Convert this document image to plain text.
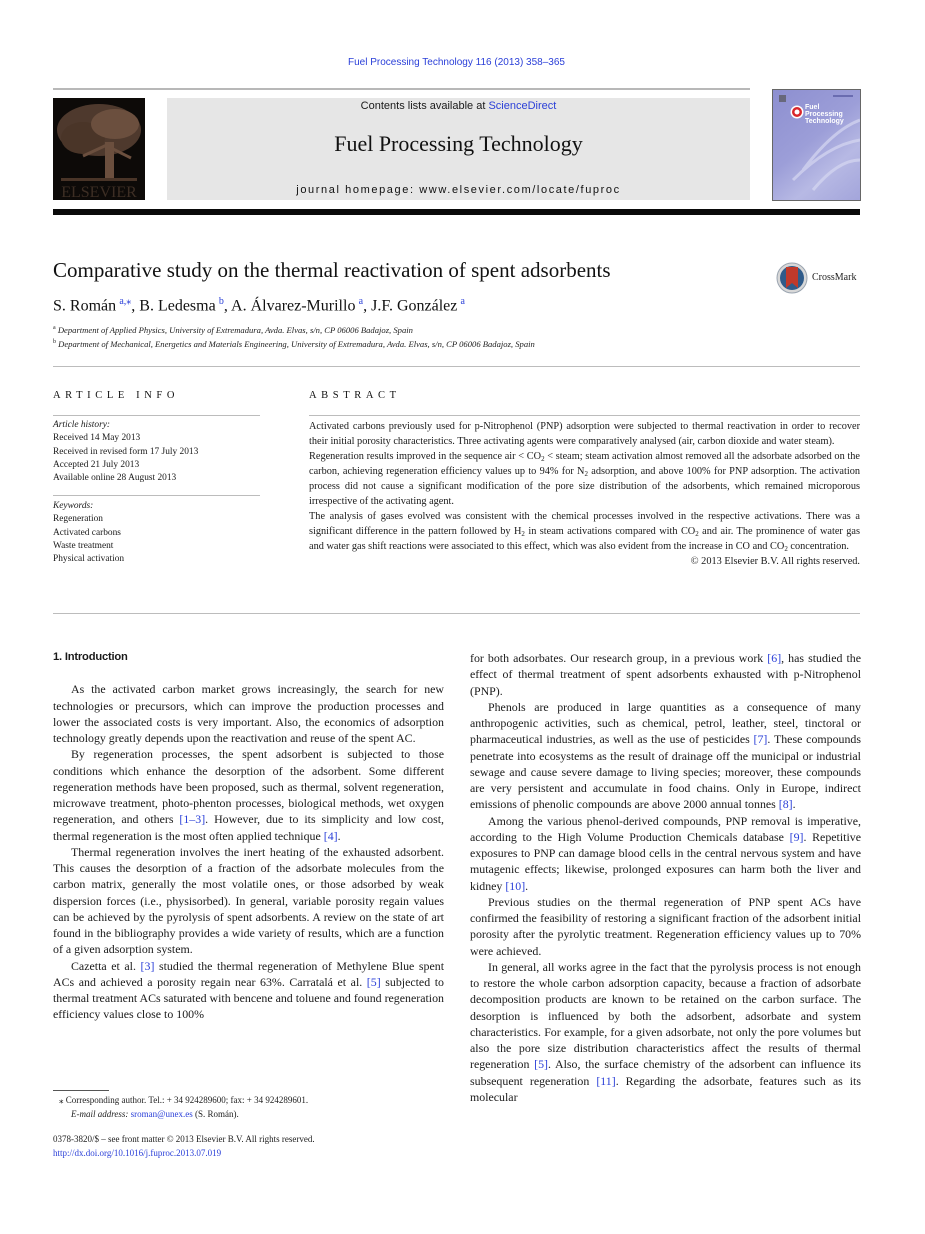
Fuel Processing Technology 116 (2013) 358–365
ELSEVIER
Contents lists available at ScienceDirect
Fuel Processing Technology
journal homepage: www.elsevier.com/locate/fuproc
Fuel
Processing
Technology
Comparative study on the thermal reactivation of spent adsorbents	CrossMark
S. Román  $^{a,⁎}$, B. Ledesma  $^b$, A. Álvarez-Murillo  $^a$, J.F. González  $^a$
$^a$ Department of Applied Physics, University of Extremadura, Avda. Elvas, s/n, CP 06006 Badajoz, Spain
$^b$ Department of Mechanical, Energetics and Materials Engineering, University of Extremadura, Avda. Elvas, s/n, CP 06006 Badajoz, Spain
ARTICLE INFO
Article history:
Received 14 May 2013
Received in revised form 17 July 2013
Accepted 21 July 2013
Available online 28 August 2013
Keywords:
Regeneration
Activated carbons
Waste treatment
Physical activation
ABSTRACT

Activated carbons previously used for p-Nitrophenol (PNP) adsorption were subjected to thermal reactivation in order to recover their initial porosity characteristics. Three activating agents were comparatively analysed (air, carbon dioxide and water steam).

Regeneration results improved in the sequence air < $CO_2$ < steam; steam activation almost removed all the adsorbate adsorbed on the carbon, achieving regeneration efficiency values up to 94% for $N_2$ adsorption, and above 100% for PNP adsorption. The activation process did not cause a significant modification of the pore size distribution of the adsorbents, which remained microporous irrespective of the activating agent.

The analysis of gases evolved was consistent with the chemical processes involved in the respective activations. There was a significant difference in the pattern followed by $H_2$ in steam activations compared with $CO_2$ and air. The prominence of water gas and water gas shift reactions were associated to this effect, which was also evident from the increase in CO and $CO_2$ concentration.

© 2013 Elsevier B.V. All rights reserved.

1. Introduction

As the activated carbon market grows increasingly, the search for new technologies or precursors, which can improve the production processes and lower the associated costs is very important. Also, the economics of adsorption technology greatly depends upon the reactivation and reuse of the spent AC.

By regeneration processes, the spent adsorbent is subjected to those conditions which enhance the desorption of the adsorbent. Some different regeneration methods have been proposed, such as thermal, solvent regeneration, microwave treatment, photo-phenton processes, biological methods, wet oxygen regeneration, and others [1–3]. However, due to its simplicity and low cost, thermal regeneration is the most often applied technique [4].

Thermal regeneration involves the inert heating of the exhausted adsorbent. This causes the desorption of a fraction of the adsorbate molecules from the carbon matrix, generally the most volatile ones, or those adsorbed by weak dispersion forces (i.e., physisorbed). In general, variable porosity regain values can be achieved by the pyrolysis of spent adsorbents. A review on the state of art found in the bibliography provides a wide variety of results, which are a function of a given adsorption system.

Cazetta et al. [3] studied the thermal regeneration of Methylene Blue spent ACs and achieved a porosity regain near 63%. Carratalá et al. [5] subjected to thermal treatment ACs saturated with bencene and toluene and found regeneration efficiency values close to 100%

for both adsorbates. Our research group, in a previous work [6], has studied the effect of thermal treatment of spent adsorbents exhausted with p-Nitrophenol (PNP).

Phenols are produced in large quantities as a consequence of many anthropogenic activities, such as chemical, petrol, leather, steel, tinctoral or pharmaceutical industries, as well as the use of pesticides [7]. These compounds penetrate into ecosystems as the result of drainage off the municipal or industrial sewage and cause severe damage to living species; moreover, these compounds are very persistent and accumulate in food chains. Only in Europe, indirect emissions of phenolic compounds are above 2000 annual tonnes [8].

Among the various phenol-derived compounds, PNP removal is imperative, according to the High Volume Production Chemicals database [9]. Repetitive exposures to PNP can damage blood cells in the central nervous system and have mutagenic effects; likewise, prolonged exposures can harm both the liver and kidney [10].

Previous studies on the thermal regeneration of PNP spent ACs have confirmed the feasibility of restoring a significant fraction of the adsorbent initial porosity after the pyrolytic treatment. Regeneration efficiency values up to 70% were achieved.

In general, all works agree in the fact that the pyrolysis process is not enough to restore the whole carbon adsorption capacity, because a fraction of adsorbate decomposition products are known to be retained on the carbon surface. The desorption is influenced by both the adsorbent, adsorbate and system characteristics. For example, for a given adsorbate, not only the pore volumes but also the pore size distribution characteristics affect the results of thermal regeneration [5]. Also, the surface chemistry of the adsorbent can influence its subsequent regeneration [11]. Regarding the adsorbate, features such as its molecular

⁎ Corresponding author. Tel.: + 34 924289600; fax: + 34 924289601.
E-mail address: sroman@unex.es (S. Román).
0378-3820/$ – see front matter © 2013 Elsevier B.V. All rights reserved.
http://dx.doi.org/10.1016/j.fuproc.2013.07.019
